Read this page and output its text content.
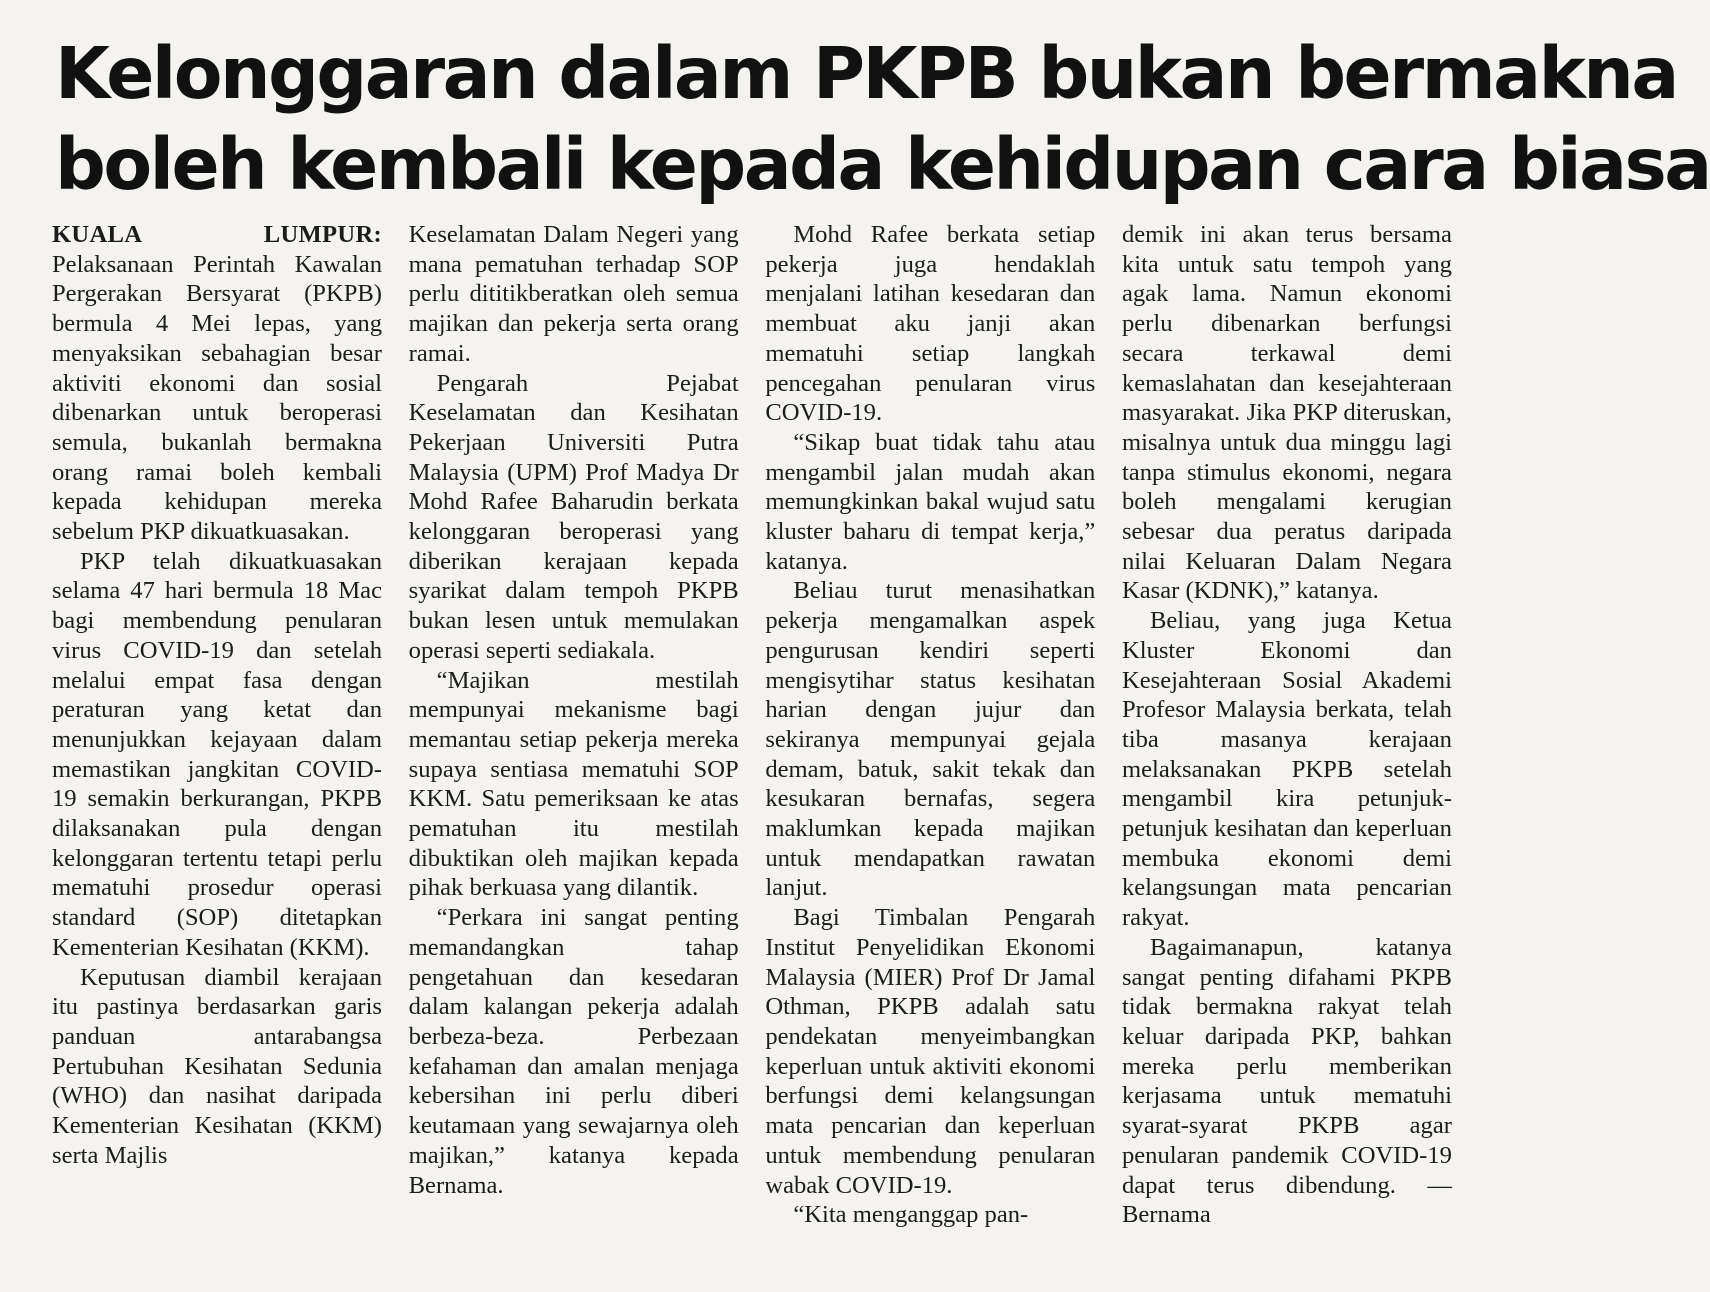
Kelonggaran dalam PKPB bukan bermakna
boleh kembali kepada kehidupan cara biasa

KUALA LUMPUR: Pelaksanaan Perintah Kawalan Pergerakan Bersyarat (PKPB) bermula 4 Mei lepas, yang menyaksikan sebahagian besar aktiviti ekonomi dan sosial dibenarkan untuk beroperasi semula, bukanlah bermakna orang ramai boleh kembali kepada kehidupan mereka sebelum PKP dikuatkuasakan.

PKP telah dikuatkuasakan selama 47 hari bermula 18 Mac bagi membendung penularan virus COVID-19 dan setelah melalui empat fasa dengan peraturan yang ketat dan menunjukkan kejayaan dalam memastikan jangkitan COVID-19 semakin berkurangan, PKPB dilaksanakan pula dengan kelonggaran tertentu tetapi perlu mematuhi prosedur operasi standard (SOP) ditetapkan Kementerian Kesihatan (KKM).

Keputusan diambil kerajaan itu pastinya berdasarkan garis panduan antarabangsa Pertubuhan Kesihatan Sedunia (WHO) dan nasihat daripada Kementerian Kesihatan (KKM) serta Majlis

Keselamatan Dalam Negeri yang mana pematuhan terhadap SOP perlu dititikberatkan oleh semua majikan dan pekerja serta orang ramai.

Pengarah Pejabat Keselamatan dan Kesihatan Pekerjaan Universiti Putra Malaysia (UPM) Prof Madya Dr Mohd Rafee Baharudin berkata kelonggaran beroperasi yang diberikan kerajaan kepada syarikat dalam tempoh PKPB bukan lesen untuk memulakan operasi seperti sediakala.

“Majikan mestilah mempunyai mekanisme bagi memantau setiap pekerja mereka supaya sentiasa mematuhi SOP KKM. Satu pemeriksaan ke atas pematuhan itu mestilah dibuktikan oleh majikan kepada pihak berkuasa yang dilantik.

“Perkara ini sangat penting memandangkan tahap pengetahuan dan kesedaran dalam kalangan pekerja adalah berbeza-beza. Perbezaan kefahaman dan amalan menjaga kebersihan ini perlu diberi keutamaan yang sewajarnya oleh majikan,” katanya kepada Bernama.

Mohd Rafee berkata setiap pekerja juga hendaklah menjalani latihan kesedaran dan membuat aku janji akan mematuhi setiap langkah pencegahan penularan virus COVID-19.

“Sikap buat tidak tahu atau mengambil jalan mudah akan memungkinkan bakal wujud satu kluster baharu di tempat kerja,” katanya.

Beliau turut menasihatkan pekerja mengamalkan aspek pengurusan kendiri seperti mengisytihar status kesihatan harian dengan jujur dan sekiranya mempunyai gejala demam, batuk, sakit tekak dan kesukaran bernafas, segera maklumkan kepada majikan untuk mendapatkan rawatan lanjut.

Bagi Timbalan Pengarah Institut Penyelidikan Ekonomi Malaysia (MIER) Prof Dr Jamal Othman, PKPB adalah satu pendekatan menyeimbangkan keperluan untuk aktiviti ekonomi berfungsi demi kelangsungan mata pencarian dan keperluan untuk membendung penularan wabak COVID-19.

“Kita menganggap pan-

demik ini akan terus bersama kita untuk satu tempoh yang agak lama. Namun ekonomi perlu dibenarkan berfungsi secara terkawal demi kemaslahatan dan kesejahteraan masyarakat. Jika PKP diteruskan, misalnya untuk dua minggu lagi tanpa stimulus ekonomi, negara boleh mengalami kerugian sebesar dua peratus daripada nilai Keluaran Dalam Negara Kasar (KDNK),” katanya.

Beliau, yang juga Ketua Kluster Ekonomi dan Kesejahteraan Sosial Akademi Profesor Malaysia berkata, telah tiba masanya kerajaan melaksanakan PKPB setelah mengambil kira petunjuk-petunjuk kesihatan dan keperluan membuka ekonomi demi kelangsungan mata pencarian rakyat.

Bagaimanapun, katanya sangat penting difahami PKPB tidak bermakna rakyat telah keluar daripada PKP, bahkan mereka perlu memberikan kerjasama untuk mematuhi syarat-syarat PKPB agar penularan pandemik COVID-19 dapat terus dibendung. — Bernama
